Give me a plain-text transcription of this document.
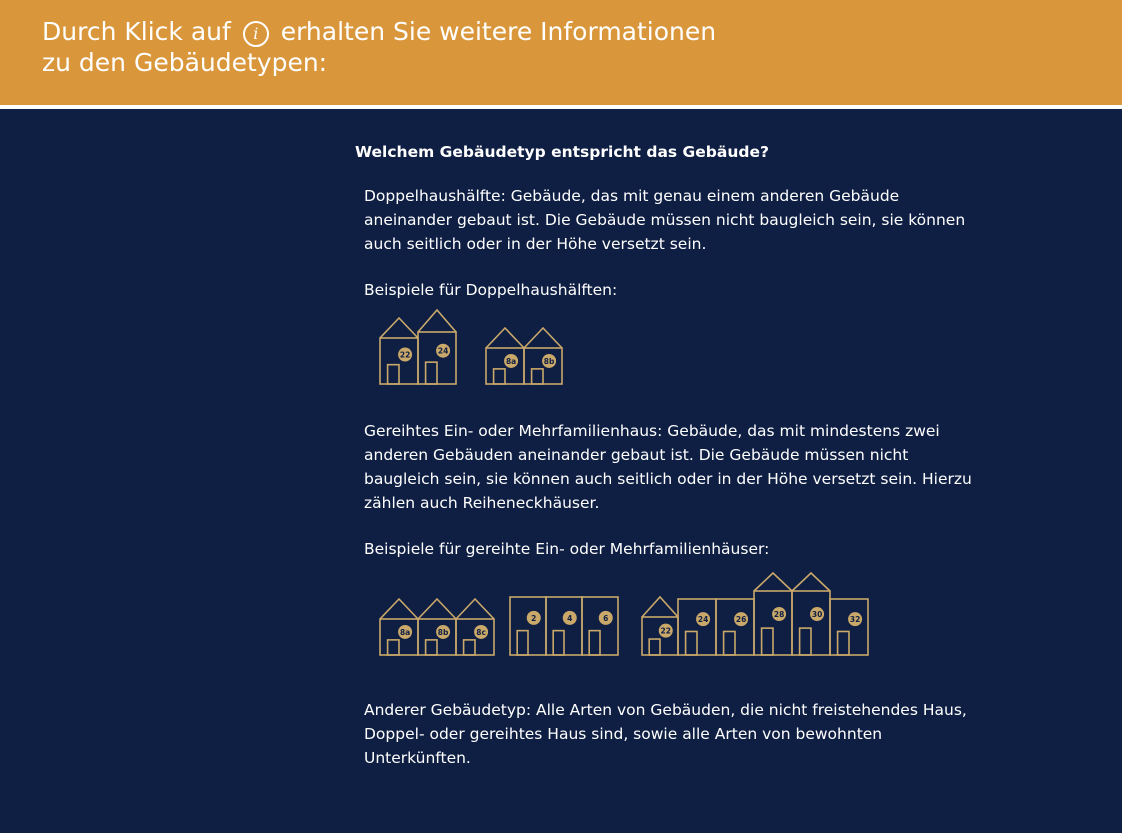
Durch Klick auf i erhalten Sie weitere Informationen
zu den Gebäudetypen:
Welchem Gebäudetyp entspricht das Gebäude?
Doppelhaushälfte: Gebäude, das mit genau einem anderen Gebäude aneinander gebaut ist. Die Gebäude müssen nicht baugleich sein, sie können auch seitlich oder in der Höhe versetzt sein.
Beispiele für Doppelhaushälften:
22	24
8a	8b
Gereihtes Ein- oder Mehrfamilienhaus: Gebäude, das mit mindestens zwei anderen Gebäuden aneinander gebaut ist. Die Gebäude müssen nicht baugleich sein, sie können auch seitlich oder in der Höhe versetzt sein. Hierzu zählen auch Reiheneckhäuser.
Beispiele für gereihte Ein- oder Mehrfamilienhäuser:
8a	8b	8c
2	4	6
22
24	26
28	30
32
Anderer Gebäudetyp: Alle Arten von Gebäuden, die nicht freistehendes Haus, Doppel- oder gereihtes Haus sind, sowie alle Arten von bewohnten Unterkünften.
